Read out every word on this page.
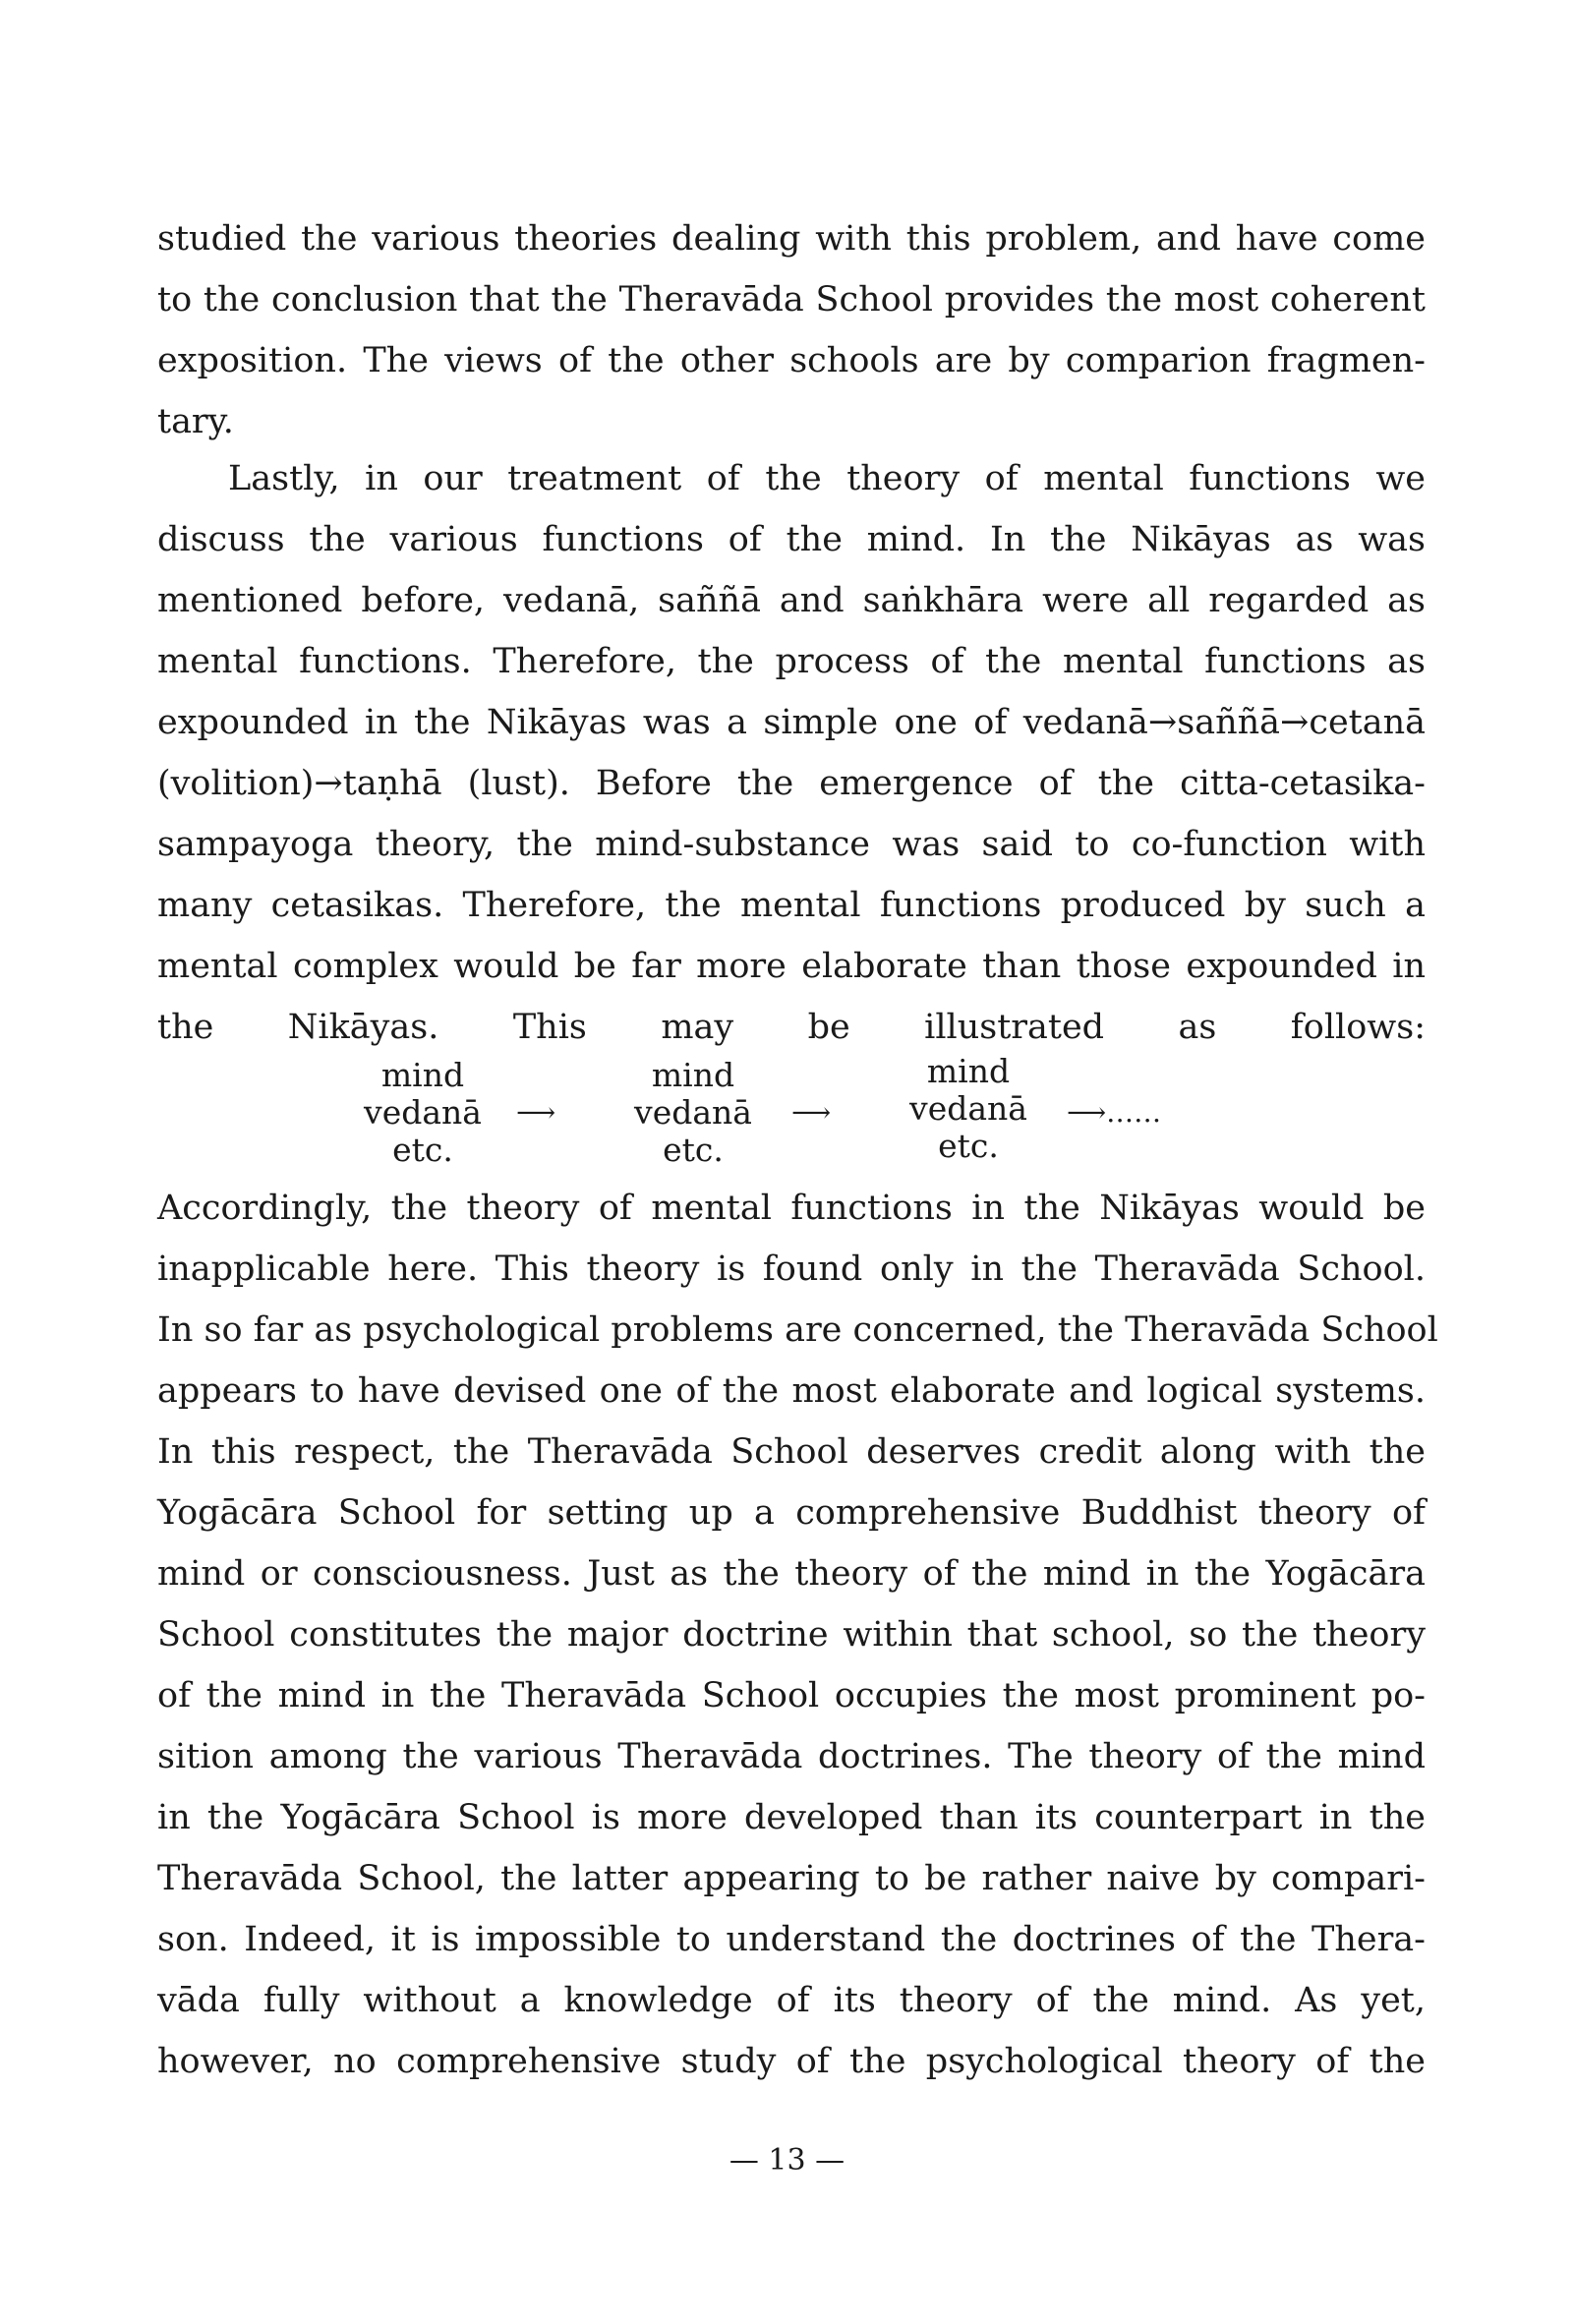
studied the various theories dealing with this problem, and have come
to the conclusion that the Theravāda School provides the most coherent
exposition. The views of the other schools are by comparion fragmen-
tary.
Lastly, in our treatment of the theory of mental functions we
discuss the various functions of the mind. In the Nikāyas as was
mentioned before, vedanā, saññā and saṅkhāra were all regarded as
mental functions. Therefore, the process of the mental functions as
expounded in the Nikāyas was a simple one of vedanā→saññā→cetanā
(volition)→taṇhā (lust). Before the emergence of the citta-cetasika-
sampayoga theory, the mind-substance was said to co-function with
many cetasikas. Therefore, the mental functions produced by such a
mental complex would be far more elaborate than those expounded in
the Nikāyas. This may be illustrated as follows:
mind
vedanā
etc.
⟶
mind
vedanā
etc.
⟶
mind
vedanā
etc.
⟶……
Accordingly, the theory of mental functions in the Nikāyas would be
inapplicable here. This theory is found only in the Theravāda School.
In so far as psychological problems are concerned, the Theravāda School
appears to have devised one of the most elaborate and logical systems.
In this respect, the Theravāda School deserves credit along with the
Yogācāra School for setting up a comprehensive Buddhist theory of
mind or consciousness. Just as the theory of the mind in the Yogācāra
School constitutes the major doctrine within that school, so the theory
of the mind in the Theravāda School occupies the most prominent po-
sition among the various Theravāda doctrines. The theory of the mind
in the Yogācāra School is more developed than its counterpart in the
Theravāda School, the latter appearing to be rather naive by compari-
son. Indeed, it is impossible to understand the doctrines of the Thera-
vāda fully without a knowledge of its theory of the mind. As yet,
however, no comprehensive study of the psychological theory of the
— 13 —
